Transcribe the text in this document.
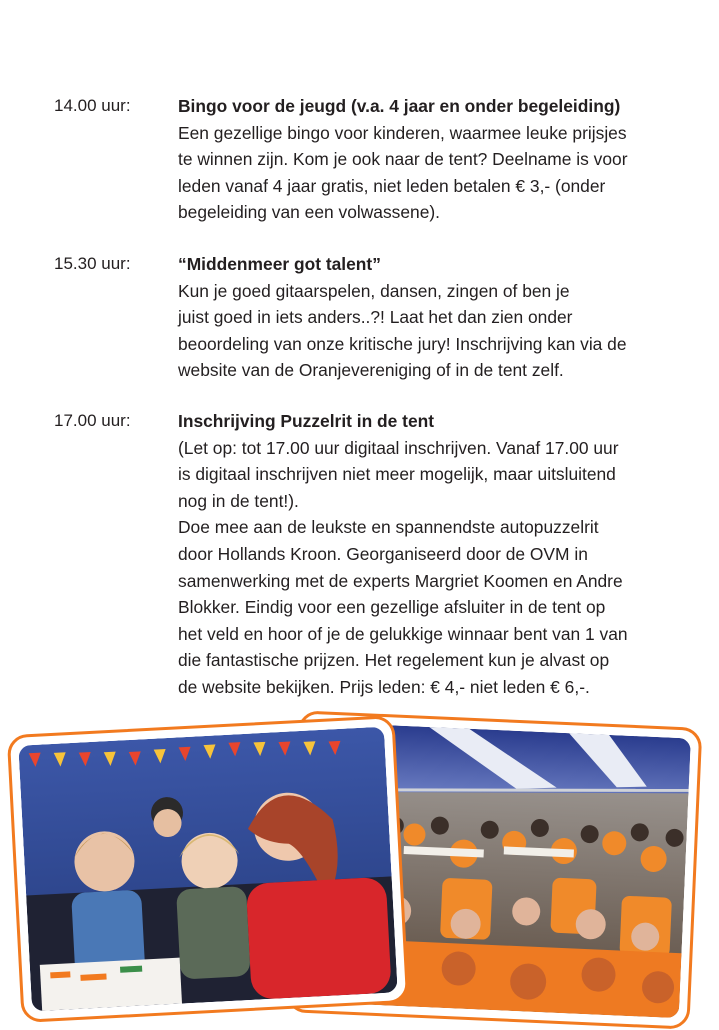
14.00 uur:	Bingo voor de jeugd (v.a. 4 jaar en onder begeleiding)

Een gezellige bingo voor kinderen, waarmee leuke prijsjes
te winnen zijn. Kom je ook naar de tent? Deelname is voor
leden vanaf 4 jaar gratis, niet leden betalen € 3,- (onder
begeleiding van een volwassene).

15.30 uur:	“Middenmeer got talent”

Kun je goed gitaarspelen, dansen, zingen of ben je
juist goed in iets anders..?! Laat het dan zien onder
beoordeling van onze kritische jury! Inschrijving kan via de
website van de Oranjevereniging of in de tent zelf.

17.00 uur:	Inschrijving Puzzelrit in de tent

(Let op: tot 17.00 uur digitaal inschrijven. Vanaf 17.00 uur
is digitaal inschrijven niet meer mogelijk, maar uitsluitend
nog in de tent!).
Doe mee aan de leukste en spannendste autopuzzelrit
door Hollands Kroon. Georganiseerd door de OVM in
samenwerking met de experts Margriet Koomen en Andre
Blokker. Eindig voor een gezellige afsluiter in de tent op
het veld en hoor of je de gelukkige winnaar bent van 1 van
die fantastische prijzen. Het regelement kun je alvast op
de website bekijken. Prijs leden: € 4,- niet leden € 6,-.
